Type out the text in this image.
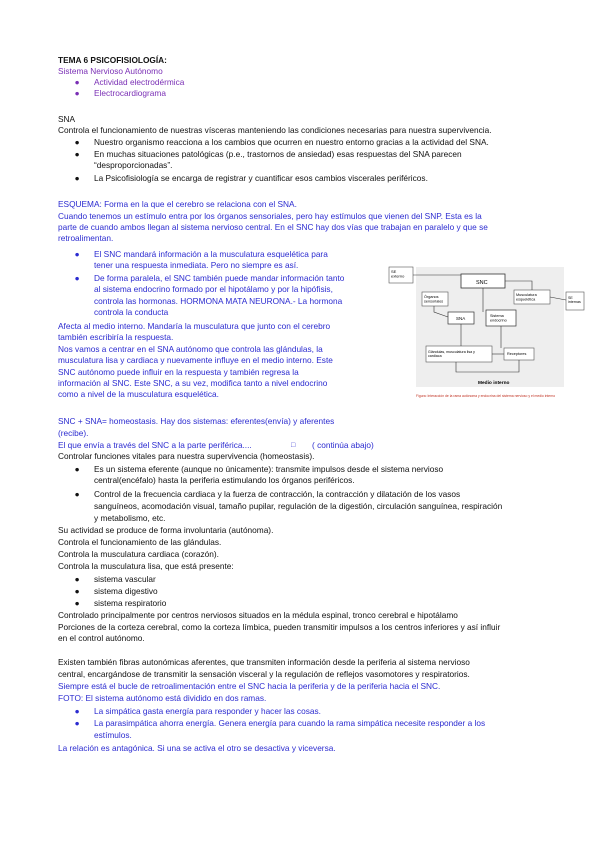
TEMA 6 PSICOFISIOLOGÍA:
Sistema Nervioso Autónomo
●	Actividad electrodérmica
●	Electrocardiograma
SNA
Controla el funcionamiento de nuestras vísceras manteniendo las condiciones necesarias para nuestra supervivencia.
●	Nuestro organismo reacciona a los cambios que ocurren en nuestro entorno gracias a la actividad del SNA.
●	En muchas situaciones patológicas (p.e., trastornos de ansiedad) esas respuestas del SNA parecen
“desproporcionadas”.
●	La Psicofisiología se encarga de registrar y cuantificar esos cambios viscerales periféricos.
ESQUEMA: Forma en la que el cerebro se relaciona con el SNA.
Cuando tenemos un estímulo entra por los órganos sensoriales, pero hay estímulos que vienen del SNP. Esta es la
parte de cuando ambos llegan al sistema nervioso central. En el SNC hay dos vías que trabajan en paralelo y que se
retroalimentan.
●	El SNC mandará información a la musculatura esquelética para
tener una respuesta inmediata. Pero no siempre es así.
●	De forma paralela, el SNC también puede mandar información tanto
al sistema endocrino formado por el hipotálamo y por la hipófisis,
controla las hormonas. HORMONA MATA NEURONA.- La hormona
controla la conducta
Afecta al medio interno. Mandaría la musculatura que junto con el cerebro
también escribiría la respuesta.
Nos vamos a centrar en el SNA autónomo que controla las glándulas, la
musculatura lisa y cardiaca y nuevamente influye en el medio interno. Este
SNC autónomo puede influir en la respuesta y también regresa la
información al SNC. Este SNC, a su vez, modifica tanto a nivel endocrino
como a nivel de la musculatura esquelética.
SE externo
SNC
Órganos sensoriales
Musculatura esquelética
SNA	Sistema endocrino
Glándulas, musculatura lisa y cardiaca
Receptores
Medio interno
SE internas
Figura: Interacción de la rama autónoma y endocrina del sistema nervioso y el medio interno
SNC + SNA= homeostasis. Hay dos sistemas: eferentes(envía) y aferentes
(recibe).
El que envía a través del SNC a la parte periférica....	□ ( continúa abajo)
Controlar funciones vitales para nuestra supervivencia (homeostasis).
●	Es un sistema eferente (aunque no únicamente): transmite impulsos desde el sistema nervioso
central(encéfalo) hasta la periferia estimulando los órganos periféricos.
●	Control de la frecuencia cardiaca y la fuerza de contracción, la contracción y dilatación de los vasos
sanguíneos, acomodación visual, tamaño pupilar, regulación de la digestión, circulación sanguínea, respiración
y metabolismo, etc.
Su actividad se produce de forma involuntaria (autónoma).
Controla el funcionamiento de las glándulas.
Controla la musculatura cardiaca (corazón).
Controla la musculatura lisa, que está presente:
●	sistema vascular
●	sistema digestivo
●	sistema respiratorio
Controlado principalmente por centros nerviosos situados en la médula espinal, tronco cerebral e hipotálamo
Porciones de la corteza cerebral, como la corteza límbica, pueden transmitir impulsos a los centros inferiores y así influir
en el control autónomo.
Existen también fibras autonómicas aferentes, que transmiten información desde la periferia al sistema nervioso
central, encargándose de transmitir la sensación visceral y la regulación de reflejos vasomotores y respiratorios.
Siempre está el bucle de retroalimentación entre el SNC hacia la periferia y de la periferia hacia el SNC.
FOTO: El sistema autónomo está dividido en dos ramas.
●	La simpática gasta energía para responder y hacer las cosas.
●	La parasimpática ahorra energía. Genera energía para cuando la rama simpática necesite responder a los
estímulos.
La relación es antagónica. Si una se activa el otro se desactiva y viceversa.
